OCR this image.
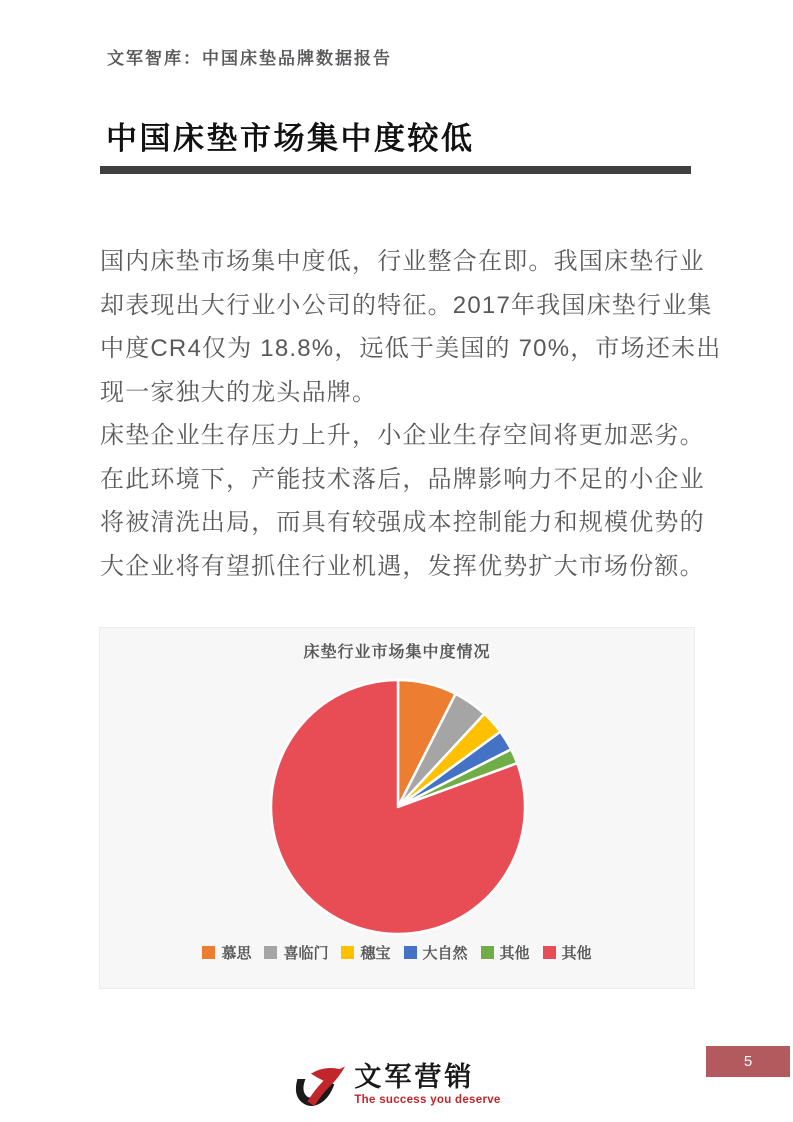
文军智库：中国床垫品牌数据报告
中国床垫市场集中度较低
国内床垫市场集中度低，行业整合在即。我国床垫行业
却表现出大行业小公司的特征。2017年我国床垫行业集
中度CR4仅为 18.8%，远低于美国的 70%，市场还未出
现一家独大的龙头品牌。
床垫企业生存压力上升，小企业生存空间将更加恶劣。
在此环境下，产能技术落后，品牌影响力不足的小企业
将被清洗出局，而具有较强成本控制能力和规模优势的
大企业将有望抓住行业机遇，发挥优势扩大市场份额。
床垫行业市场集中度情况
慕思 喜临门 穗宝 大自然 其他 其他
文军营销
The success you deserve
5
